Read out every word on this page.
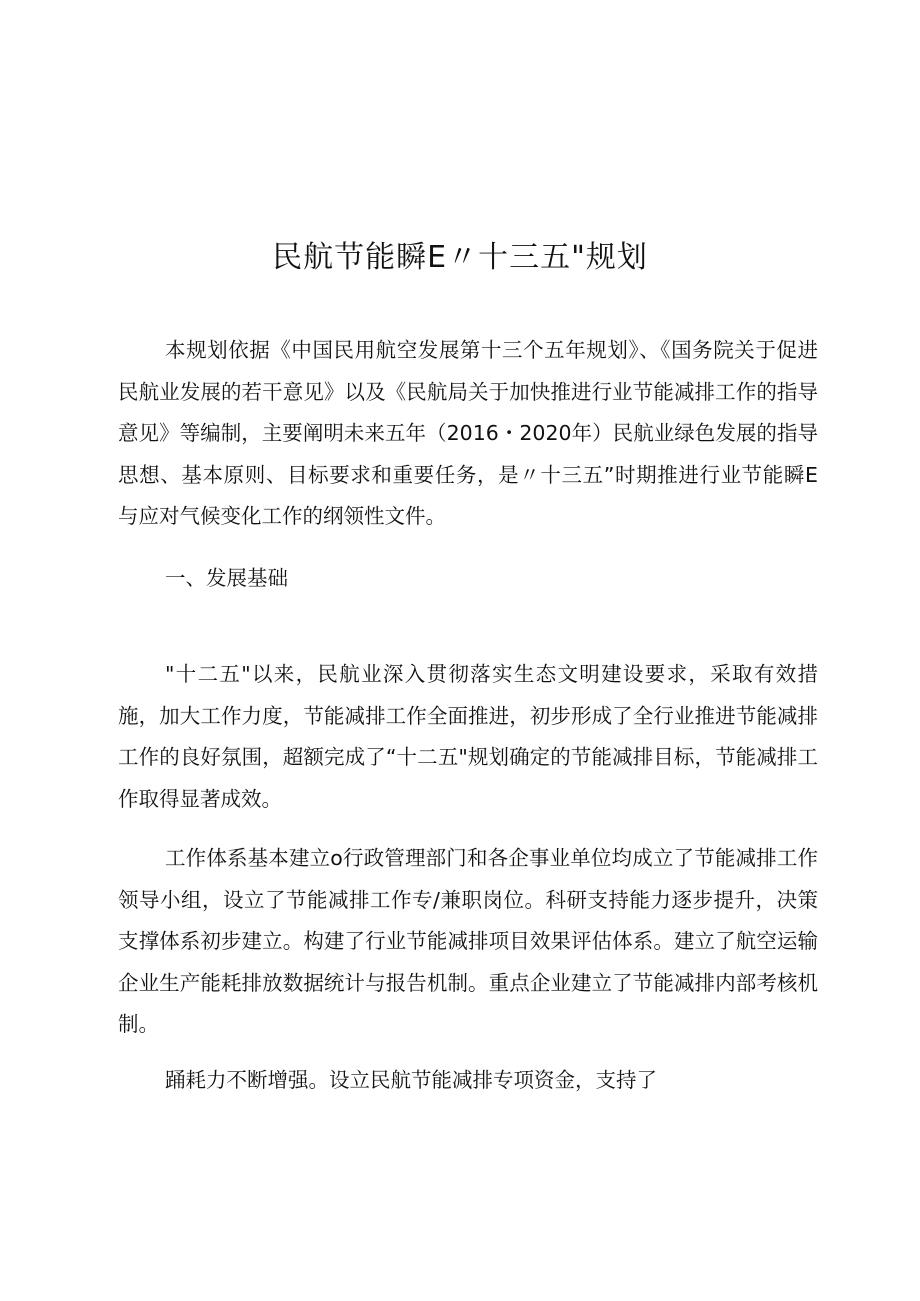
民航节能瞬E〃十三五"规划
本规划依据《中国民用航空发展第十三个五年规划》、《国务院关于促进民航业发展的若干意见》以及《民航局关于加快推进行业节能减排工作的指导意见》等编制，主要阐明未来五年（2016・2020年）民航业绿色发展的指导思想、基本原则、目标要求和重要任务，是〃十三五”时期推进行业节能瞬E与应对气候变化工作的纲领性文件。
一、发展基础
"十二五"以来，民航业深入贯彻落实生态文明建设要求，采取有效措施，加大工作力度，节能减排工作全面推进，初步形成了全行业推进节能减排工作的良好氛围，超额完成了“十二五"规划确定的节能减排目标，节能减排工作取得显著成效。
工作体系基本建立o行政管理部门和各企事业单位均成立了节能减排工作领导小组，设立了节能减排工作专/兼职岗位。科研支持能力逐步提升，决策支撑体系初步建立。构建了行业节能减排项目效果评估体系。建立了航空运输企业生产能耗排放数据统计与报告机制。重点企业建立了节能减排内部考核机制。
踊耗力不断增强。设立民航节能减排专项资金，支持了
